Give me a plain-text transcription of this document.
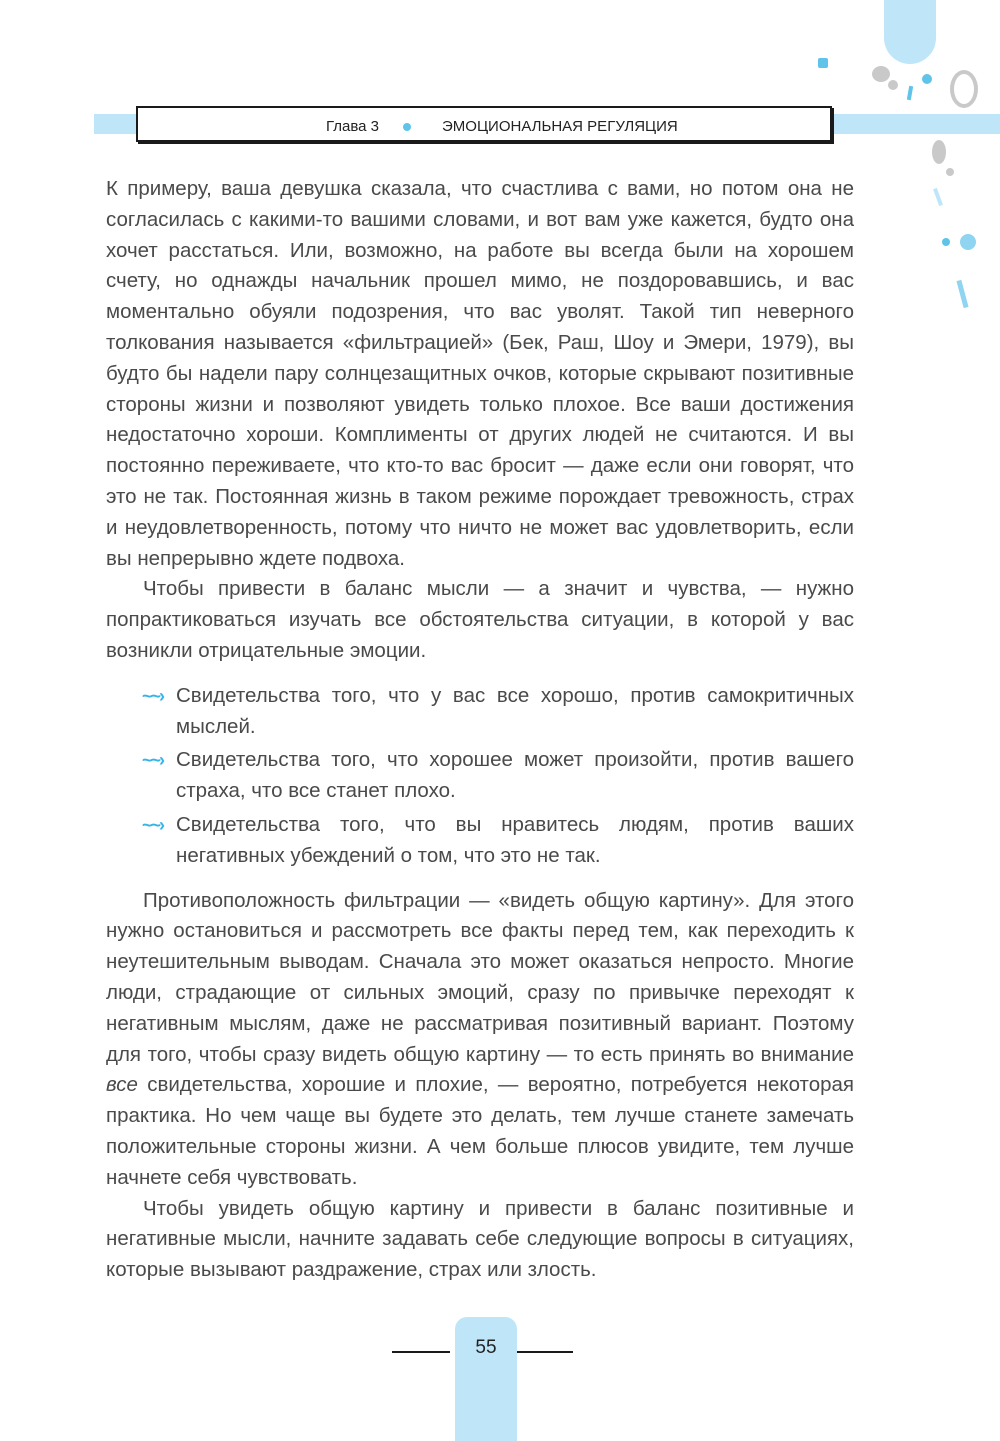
Глава 3	ЭМОЦИОНАЛЬНАЯ РЕГУЛЯЦИЯ

К примеру, ваша девушка сказала, что счастлива с вами, но потом она не согласилась с какими-то вашими словами, и вот вам уже кажется, будто она хочет расстаться. Или, возможно, на работе вы всегда были на хорошем счету, но однажды начальник прошел мимо, не поздоровавшись, и вас моментально обуяли подозрения, что вас уволят. Такой тип неверного толкования называется «фильтрацией» (Бек, Раш, Шоу и Эмери, 1979), вы будто бы надели пару солнцезащитных очков, которые скрывают позитивные стороны жизни и позволяют увидеть только плохое. Все ваши достижения недостаточно хороши. Комплименты от других людей не считаются. И вы постоянно переживаете, что кто-то вас бросит — даже если они говорят, что это не так. Постоянная жизнь в таком режиме порождает тревожность, страх и неудовлетворенность, потому что ничто не может вас удовлетворить, если вы непрерывно ждете подвоха.

Чтобы привести в баланс мысли — а значит и чувства, — нужно попрактиковаться изучать все обстоятельства ситуации, в которой у вас возникли отрицательные эмоции.

~~› Свидетельства того, что у вас все хорошо, против самокритичных мыслей.
~~› Свидетельства того, что хорошее может произойти, против вашего страха, что все станет плохо.
~~› Свидетельства того, что вы нравитесь людям, против ваших негативных убеждений о том, что это не так.

Противоположность фильтрации — «видеть общую картину». Для этого нужно остановиться и рассмотреть все факты перед тем, как переходить к неутешительным выводам. Сначала это может оказаться непросто. Многие люди, страдающие от сильных эмоций, сразу по привычке переходят к негативным мыслям, даже не рассматривая позитивный вариант. Поэтому для того, чтобы сразу видеть общую картину — то есть принять во внимание все свидетельства, хорошие и плохие, — вероятно, потребуется некоторая практика. Но чем чаще вы будете это делать, тем лучше станете замечать положительные стороны жизни. А чем больше плюсов увидите, тем лучше начнете себя чувствовать.

Чтобы увидеть общую картину и привести в баланс позитивные и негативные мысли, начните задавать себе следующие вопросы в ситуациях, которые вызывают раздражение, страх или злость.

55
